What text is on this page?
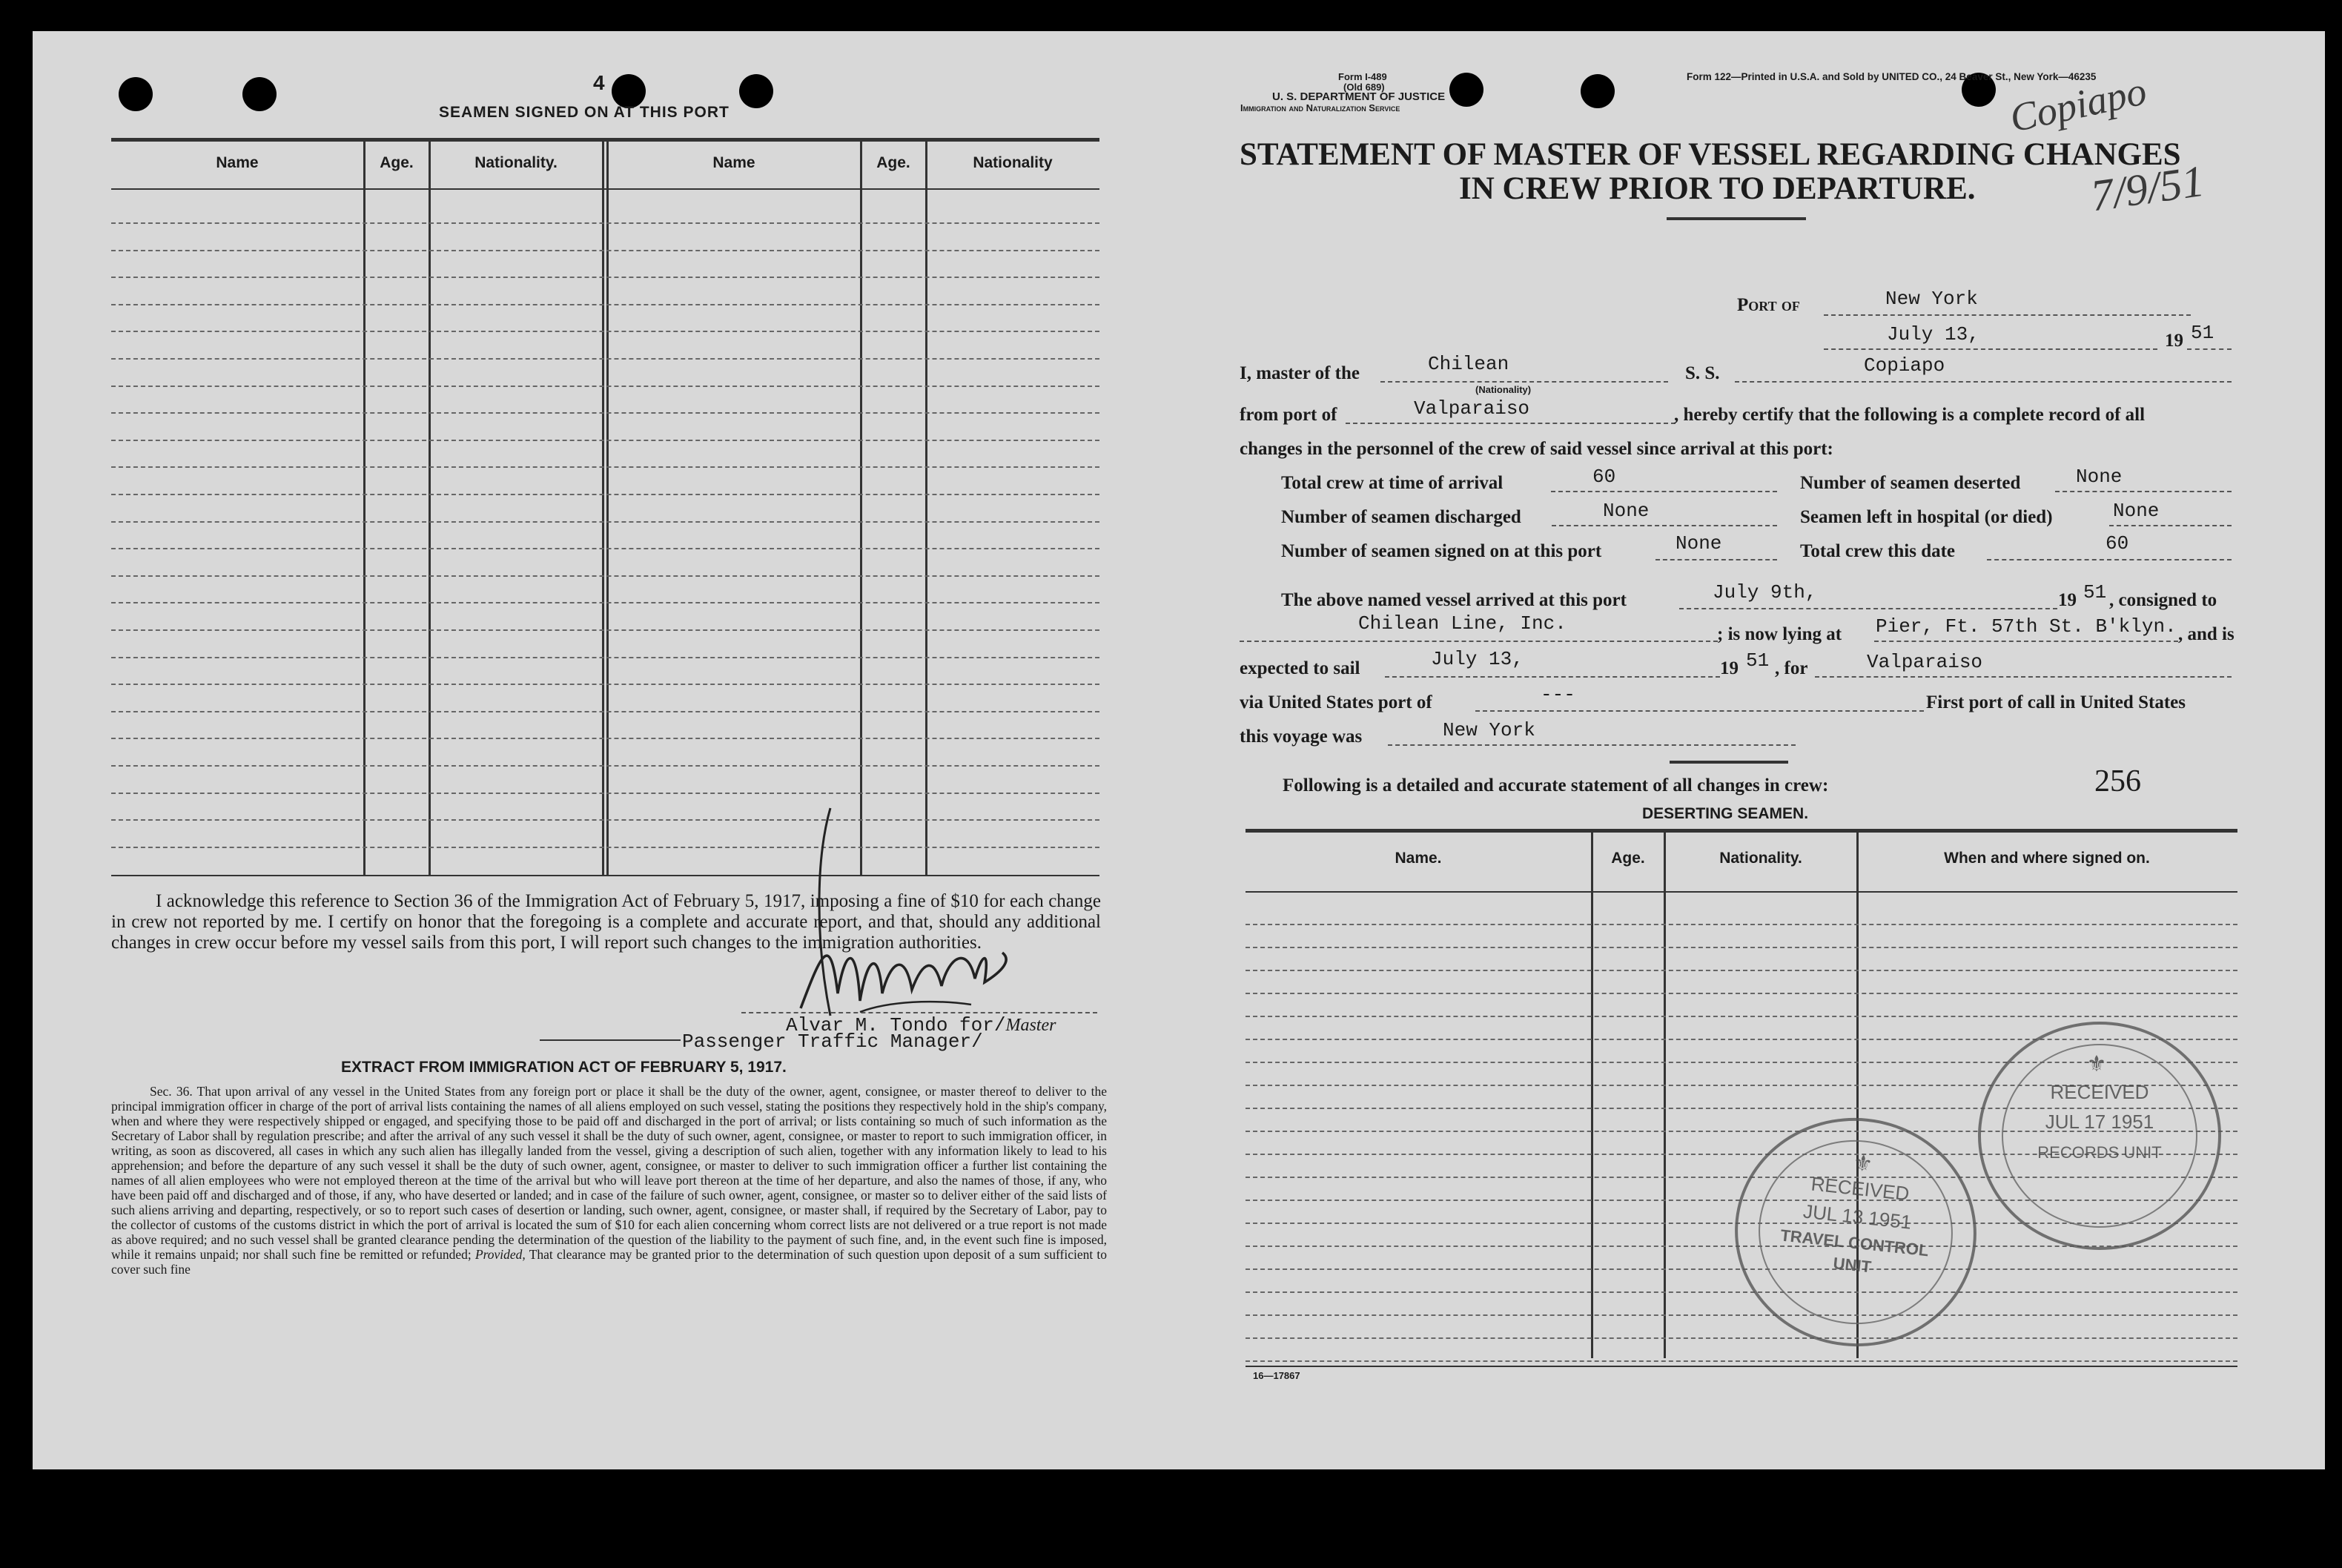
4
SEAMEN SIGNED ON AT THIS PORT
Name	Age.	Nationality.	Name	Age.	Nationality
I acknowledge this reference to Section 36 of the Immigration Act of February 5, 1917, imposing a fine of $10 for each change in crew not reported by me. I certify on honor that the foregoing is a complete and accurate report, and that, should any additional changes in crew occur before my vessel sails from this port, I will report such changes to the immigration authorities.
Alvar M. Tondo for/Master
Passenger Traffic Manager/
EXTRACT FROM IMMIGRATION ACT OF FEBRUARY 5, 1917.
Sec. 36. That upon arrival of any vessel in the United States from any foreign port or place it shall be the duty of the owner, agent, consignee, or master thereof to deliver to the principal immigration officer in charge of the port of arrival lists containing the names of all aliens employed on such vessel, stating the positions they respectively hold in the ship's company, when and where they were respectively shipped or engaged, and specifying those to be paid off and discharged in the port of arrival; or lists containing so much of such information as the Secretary of Labor shall by regulation prescribe; and after the arrival of any such vessel it shall be the duty of such owner, agent, consignee, or master to report to such immigration officer, in writing, as soon as discovered, all cases in which any such alien has illegally landed from the vessel, giving a description of such alien, together with any information likely to lead to his apprehension; and before the departure of any such vessel it shall be the duty of such owner, agent, consignee, or master to deliver to such immigration officer a further list containing the names of all alien employees who were not employed thereon at the time of the arrival but who will leave port thereon at the time of her departure, and also the names of those, if any, who have been paid off and discharged and of those, if any, who have deserted or landed; and in case of the failure of such owner, agent, consignee, or master so to deliver either of the said lists of such aliens arriving and departing, respectively, or so to report such cases of desertion or landing, such owner, agent, consignee, or master shall, if required by the Secretary of Labor, pay to the collector of customs of the customs district in which the port of arrival is located the sum of $10 for each alien concerning whom correct lists are not delivered or a true report is not made as above required; and no such vessel shall be granted clearance pending the determination of the question of the liability to the payment of such fine, and, in the event such fine is imposed, while it remains unpaid; nor shall such fine be remitted or refunded; Provided, That clearance may be granted prior to the determination of such question upon deposit of a sum sufficient to cover such fine
Form I-489
(Old 689)
U. S. DEPARTMENT OF JUSTICE
Immigration and Naturalization Service
Form 122—Printed in U.S.A. and Sold by UNITED CO., 24 Beaver St., New York—46235
Copiapo
7/9/51
STATEMENT OF MASTER OF VESSEL REGARDING CHANGES
IN CREW PRIOR TO DEPARTURE.
Port of	New York
July 13,	19 51
I, master of the	Chilean
(Nationality)
S. S.	Copiapo
from port of	Valparaiso	, hereby certify that the following is a complete record of all
changes in the personnel of the crew of said vessel since arrival at this port:
Total crew at time of arrival	60	Number of seamen deserted	None
Number of seamen discharged	None	Seamen left in hospital (or died)	None
Number of seamen signed on at this port	None	Total crew this date	60
The above named vessel arrived at this port	July 9th,	19 51 , consigned to
Chilean Line, Inc.	; is now lying at Pier, Ft. 57th St. B'klyn. , and is
expected to sail	July 13,	19 51 , for	Valparaiso
via United States port of	---	First port of call in United States
this voyage was	New York
Following is a detailed and accurate statement of all changes in crew:	256
DESERTING SEAMEN.
Name.	Age.	Nationality.	When and where signed on.
16—17867
⚜
RECEIVED
JUL 17 1951
RECORDS UNIT
⚜
RECEIVED
JUL 13 1951
TRAVEL CONTROL
UNIT
